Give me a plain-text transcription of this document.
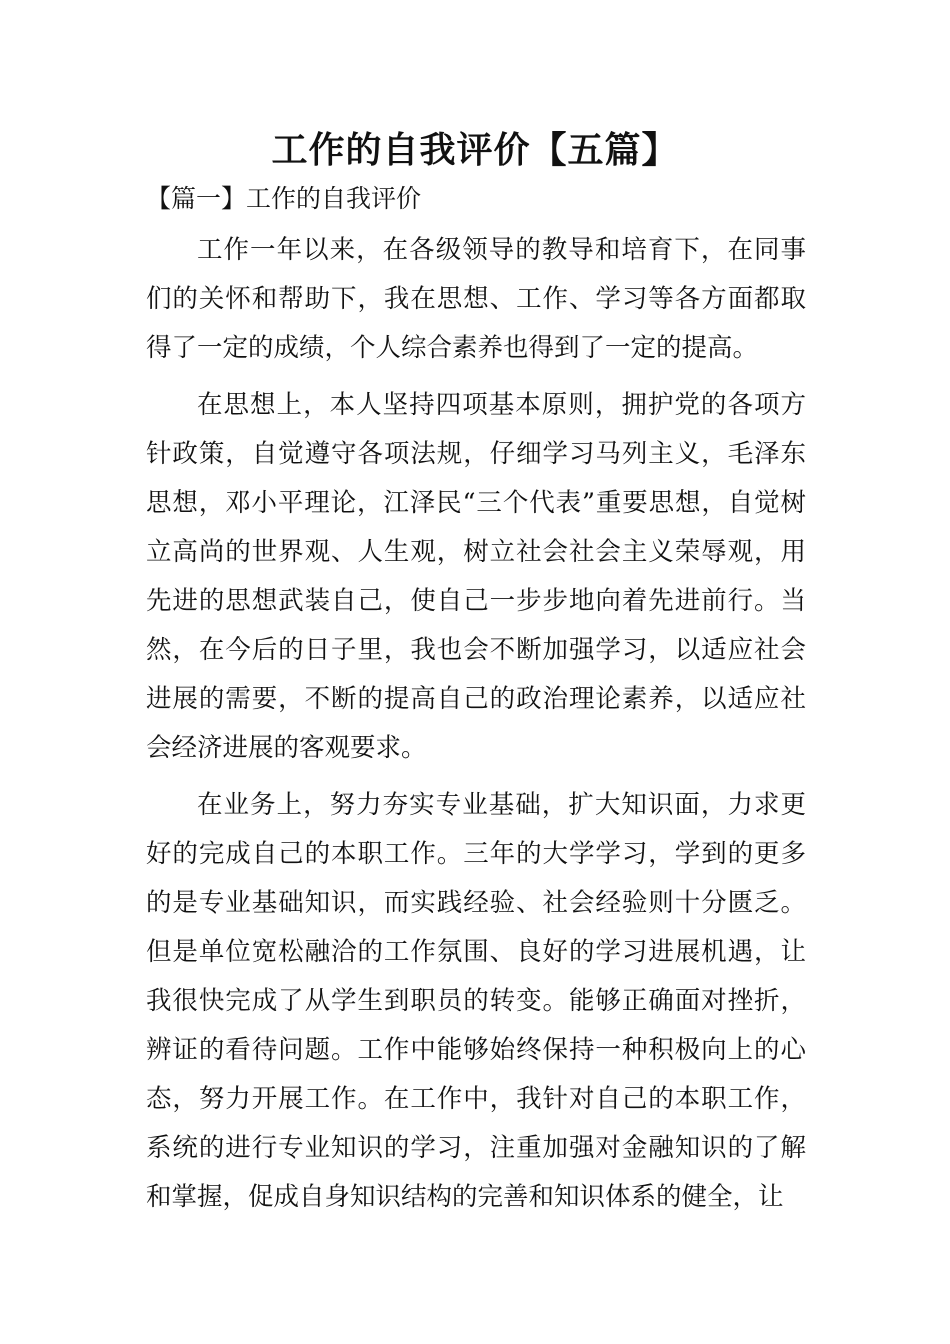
工作的自我评价【五篇】
【篇一】工作的自我评价

工作一年以来，在各级领导的教导和培育下，在同事们的关怀和帮助下，我在思想、工作、学习等各方面都取得了一定的成绩，个人综合素养也得到了一定的提高。

在思想上，本人坚持四项基本原则，拥护党的各项方针政策，自觉遵守各项法规，仔细学习马列主义，毛泽东思想，邓小平理论，江泽民“三个代表”重要思想，自觉树立高尚的世界观、人生观，树立社会社会主义荣辱观，用先进的思想武装自己，使自己一步步地向着先进前行。当然，在今后的日子里，我也会不断加强学习，以适应社会进展的需要，不断的提高自己的政治理论素养，以适应社会经济进展的客观要求。

在业务上，努力夯实专业基础，扩大知识面，力求更好的完成自己的本职工作。三年的大学学习，学到的更多的是专业基础知识，而实践经验、社会经验则十分匮乏。但是单位宽松融洽的工作氛围、良好的学习进展机遇，让我很快完成了从学生到职员的转变。能够正确面对挫折，辨证的看待问题。工作中能够始终保持一种积极向上的心态，努力开展工作。在工作中，我针对自己的本职工作，系统的进行专业知识的学习，注重加强对金融知识的了解和掌握，促成自身知识结构的完善和知识体系的健全，让
